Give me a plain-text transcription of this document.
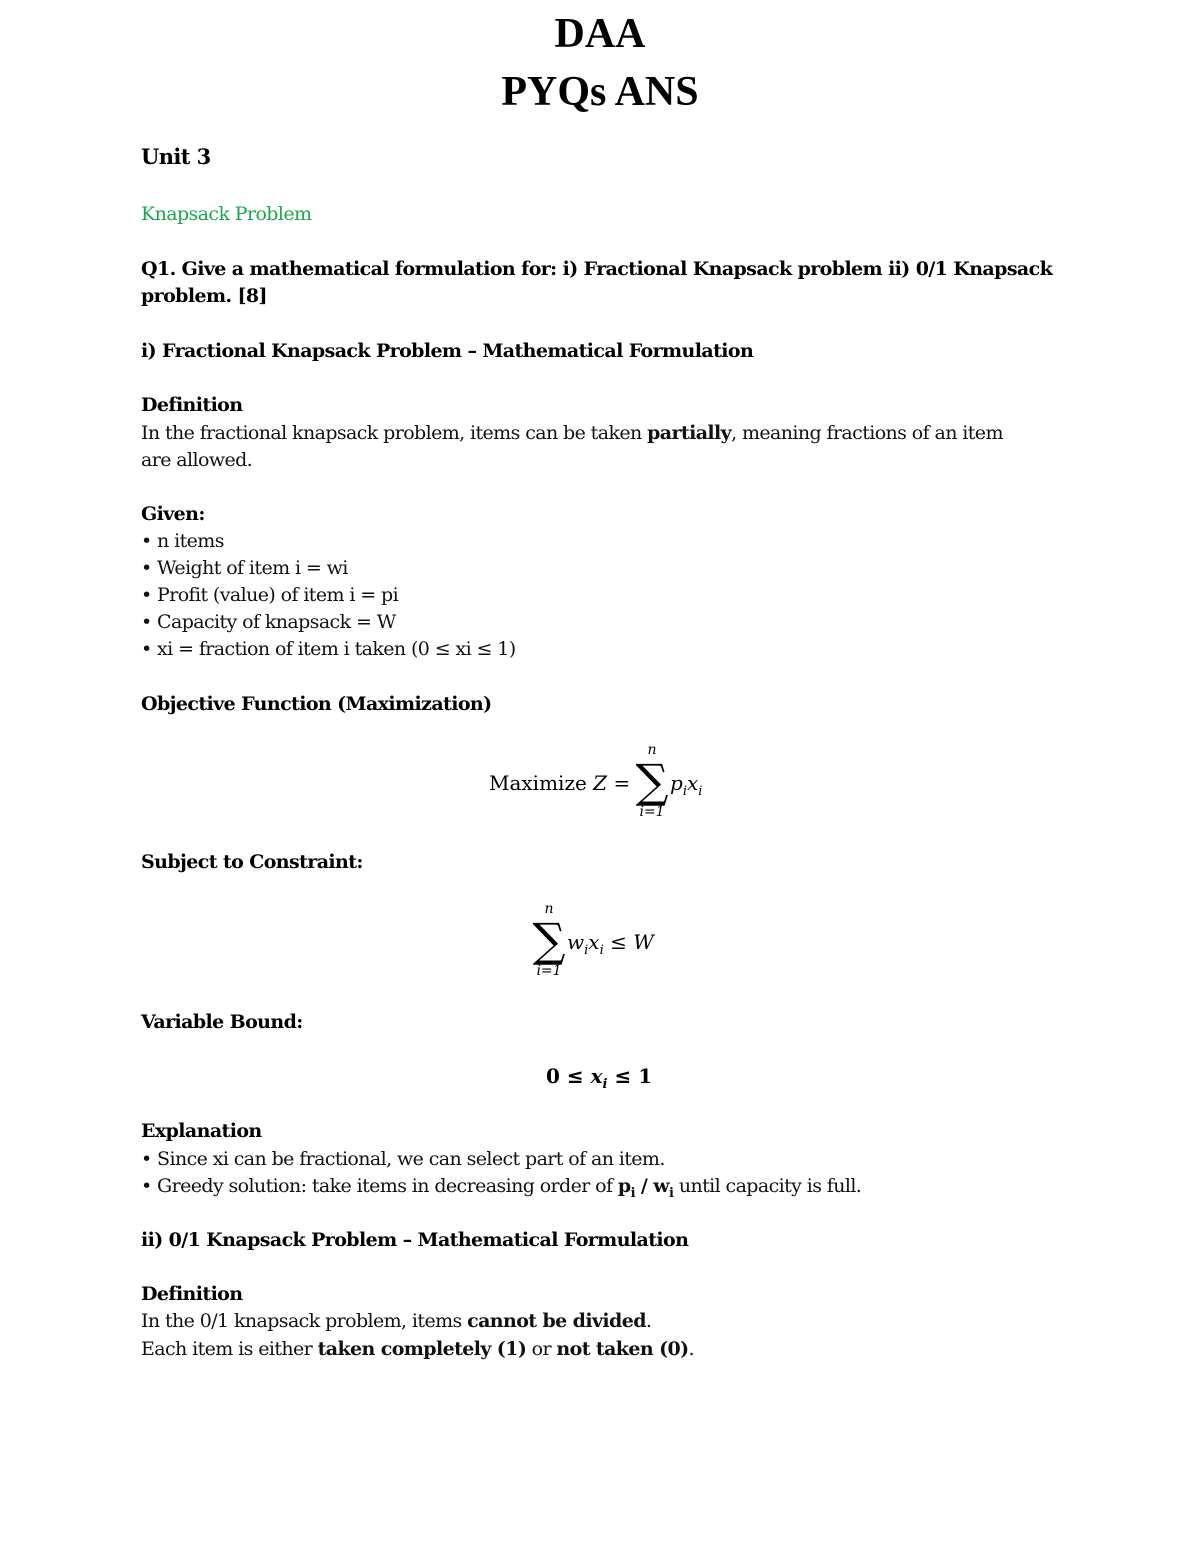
DAA
PYQs ANS
Unit 3
Knapsack Problem
Q1. Give a mathematical formulation for: i) Fractional Knapsack problem ii) 0/1 Knapsack
problem. [8]
i) Fractional Knapsack Problem – Mathematical Formulation
Definition
In the fractional knapsack problem, items can be taken partially, meaning fractions of an item
are allowed.
Given:
• n items
• Weight of item i = wi
• Profit (value) of item i = pi
• Capacity of knapsack = W
• xi = fraction of item i taken (0 ≤ xi ≤ 1)
Objective Function (Maximization)
Maximize Z =
n
∑
i=1
$p_ix_i$
Subject to Constraint:
n
∑
i=1
$w_ix_i \le W$
Variable Bound:
$0 \le x_i \le 1$
Explanation
• Since xi can be fractional, we can select part of an item.
• Greedy solution: take items in decreasing order of $p_i / w_i$ until capacity is full.
ii) 0/1 Knapsack Problem – Mathematical Formulation
Definition
In the 0/1 knapsack problem, items cannot be divided.
Each item is either taken completely (1) or not taken (0).
